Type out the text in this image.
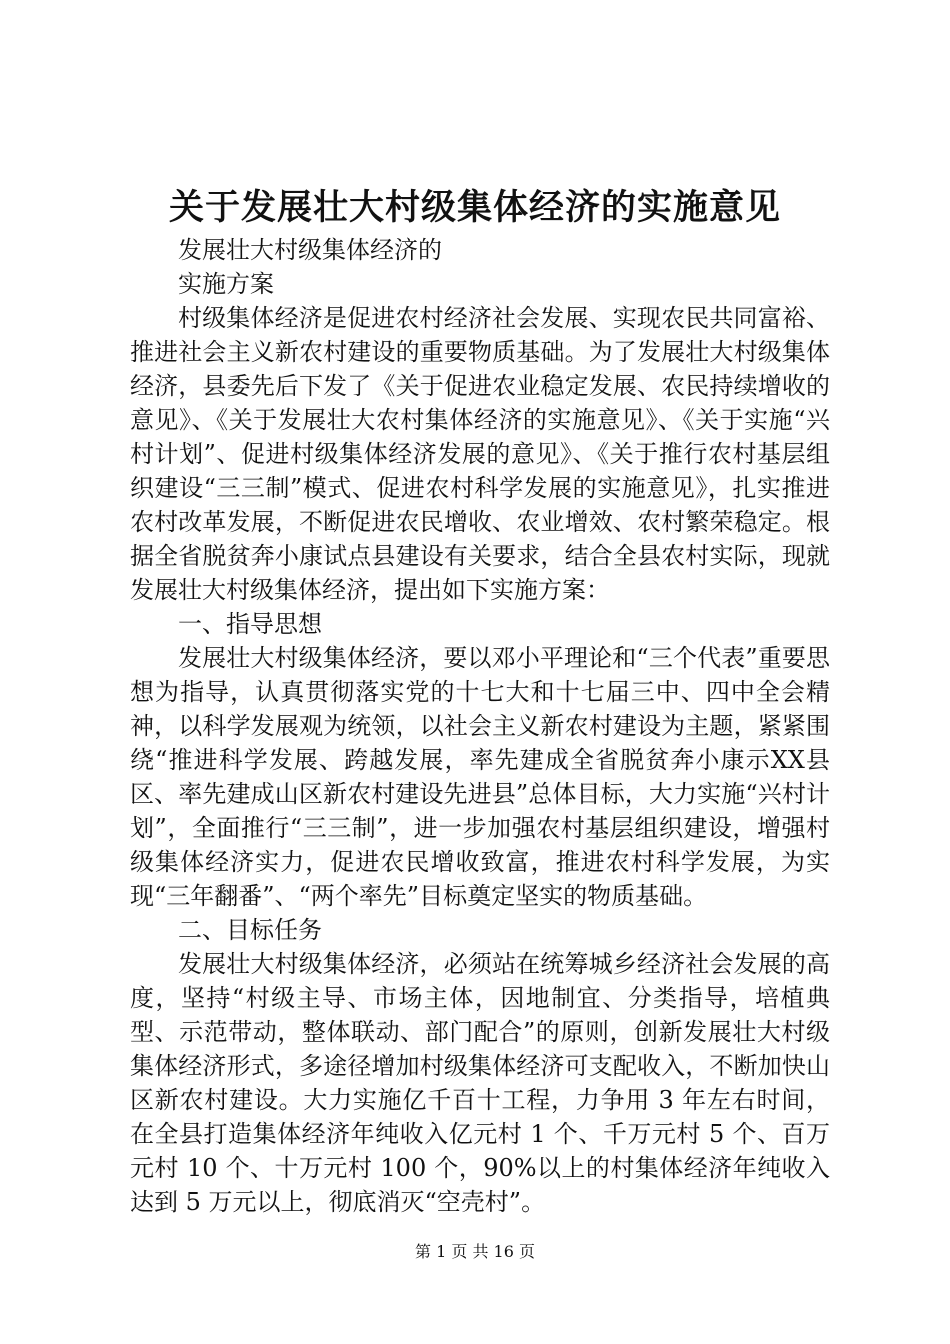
关于发展壮大村级集体经济的实施意见

发展壮大村级集体经济的

实施方案

村级集体经济是促进农村经济社会发展、实现农民共同富裕、推进社会主义新农村建设的重要物质基础。为了发展壮大村级集体经济，县委先后下发了《关于促进农业稳定发展、农民持续增收的意见》、《关于发展壮大农村集体经济的实施意见》、《关于实施“兴村计划”、促进村级集体经济发展的意见》、《关于推行农村基层组织建设“三三制”模式、促进农村科学发展的实施意见》，扎实推进农村改革发展，不断促进农民增收、农业增效、农村繁荣稳定。根据全省脱贫奔小康试点县建设有关要求，结合全县农村实际，现就发展壮大村级集体经济，提出如下实施方案：

一、指导思想

发展壮大村级集体经济，要以邓小平理论和“三个代表”重要思想为指导，认真贯彻落实党的十七大和十七届三中、四中全会精神，以科学发展观为统领，以社会主义新农村建设为主题，紧紧围绕“推进科学发展、跨越发展，率先建成全省脱贫奔小康示XX县区、率先建成山区新农村建设先进县”总体目标，大力实施“兴村计划”，全面推行“三三制”，进一步加强农村基层组织建设，增强村级集体经济实力，促进农民增收致富，推进农村科学发展，为实现“三年翻番”、“两个率先”目标奠定坚实的物质基础。

二、目标任务

发展壮大村级集体经济，必须站在统筹城乡经济社会发展的高度，坚持“村级主导、市场主体，因地制宜、分类指导，培植典型、示范带动，整体联动、部门配合”的原则，创新发展壮大村级集体经济形式，多途径增加村级集体经济可支配收入，不断加快山区新农村建设。大力实施亿千百十工程，力争用 3 年左右时间，在全县打造集体经济年纯收入亿元村 1 个、千万元村 5 个、百万元村 10 个、十万元村 100 个，90%以上的村集体经济年纯收入达到 5 万元以上，彻底消灭“空壳村”。

第 1 页 共 16 页
